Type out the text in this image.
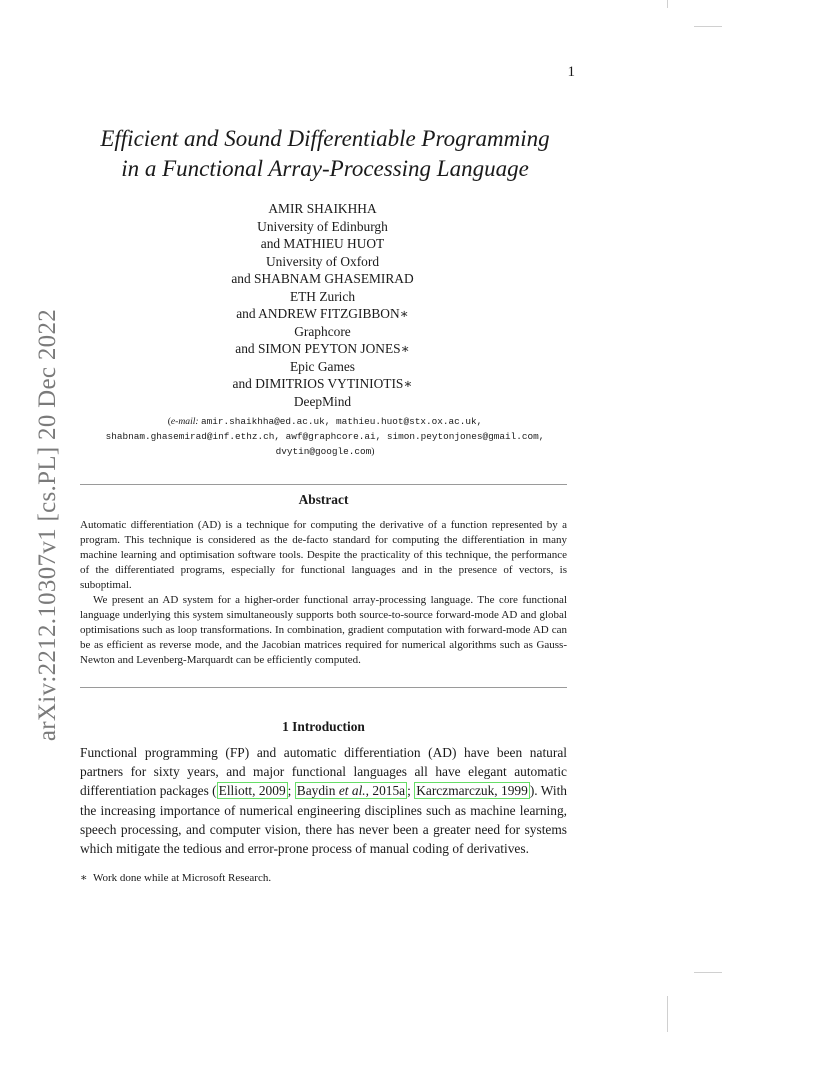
1
arXiv:2212.10307v1 [cs.PL] 20 Dec 2022
Efficient and Sound Differentiable Programming
in a Functional Array-Processing Language
AMIR SHAIKHHA
University of Edinburgh
and MATHIEU HUOT
University of Oxford
and SHABNAM GHASEMIRAD
ETH Zurich
and ANDREW FITZGIBBON∗
Graphcore
and SIMON PEYTON JONES∗
Epic Games
and DIMITRIOS VYTINIOTIS∗
DeepMind
(e-mail: amir.shaikhha@ed.ac.uk, mathieu.huot@stx.ox.ac.uk,
shabnam.ghasemirad@inf.ethz.ch, awf@graphcore.ai, simon.peytonjones@gmail.com,
dvytin@google.com)
Abstract

Automatic differentiation (AD) is a technique for computing the derivative of a function represented by a program. This technique is considered as the de-facto standard for computing the differentiation in many machine learning and optimisation software tools. Despite the practicality of this technique, the performance of the differentiated programs, especially for functional languages and in the presence of vectors, is suboptimal.

We present an AD system for a higher-order functional array-processing language. The core functional language underlying this system simultaneously supports both source-to-source forward-mode AD and global optimisations such as loop transformations. In combination, gradient computation with forward-mode AD can be as efficient as reverse mode, and the Jacobian matrices required for numerical algorithms such as Gauss-Newton and Levenberg-Marquardt can be efficiently computed.

1 Introduction

Functional programming (FP) and automatic differentiation (AD) have been natural partners for sixty years, and major functional languages all have elegant automatic differentiation packages ( Elliott, 2009 ; Baydin et al., 2015a ; Karczmarczuk, 1999 ). With the increasing importance of numerical engineering disciplines such as machine learning, speech processing, and computer vision, there has never been a greater need for systems which mitigate the tedious and error-prone process of manual coding of derivatives.

∗ Work done while at Microsoft Research.
